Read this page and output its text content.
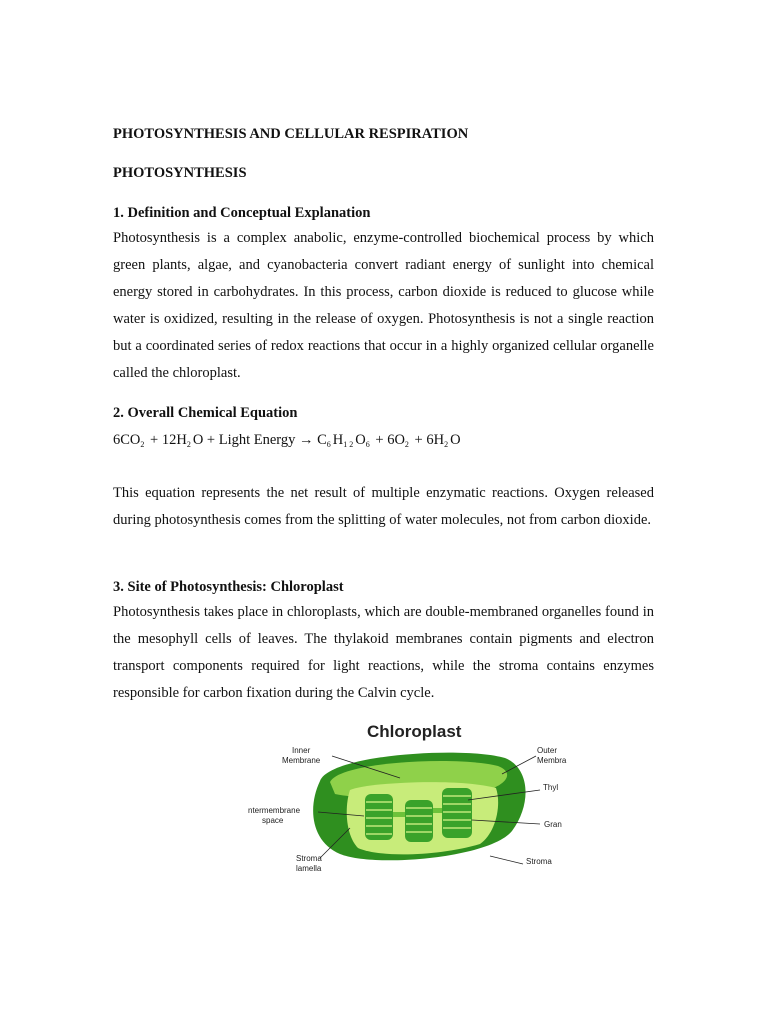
PHOTOSYNTHESIS AND CELLULAR RESPIRATION

PHOTOSYNTHESIS

1. Definition and Conceptual Explanation

Photosynthesis is a complex anabolic, enzyme-controlled biochemical process by which green plants, algae, and cyanobacteria convert radiant energy of sunlight into chemical energy stored in carbohydrates. In this process, carbon dioxide is reduced to glucose while water is oxidized, resulting in the release of oxygen. Photosynthesis is not a single reaction but a coordinated series of redox reactions that occur in a highly organized cellular organelle called the chloroplast.

2. Overall Chemical Equation

$6CO_2 + 12H_2O$ + Light Energy → $C_6H_{12}O_6 + 6O_2 + 6H_2O$

This equation represents the net result of multiple enzymatic reactions. Oxygen released during photosynthesis comes from the splitting of water molecules, not from carbon dioxide.

3. Site of Photosynthesis: Chloroplast

Photosynthesis takes place in chloroplasts, which are double-membraned organelles found in the mesophyll cells of leaves. The thylakoid membranes contain pigments and electron transport components required for light reactions, while the stroma contains enzymes responsible for carbon fixation during the Calvin cycle.

Chloroplast
Inner
Membrane
Outer
Membra
Thyl
ntermembrane
space	Gran
Stroma
lamella
Stroma
